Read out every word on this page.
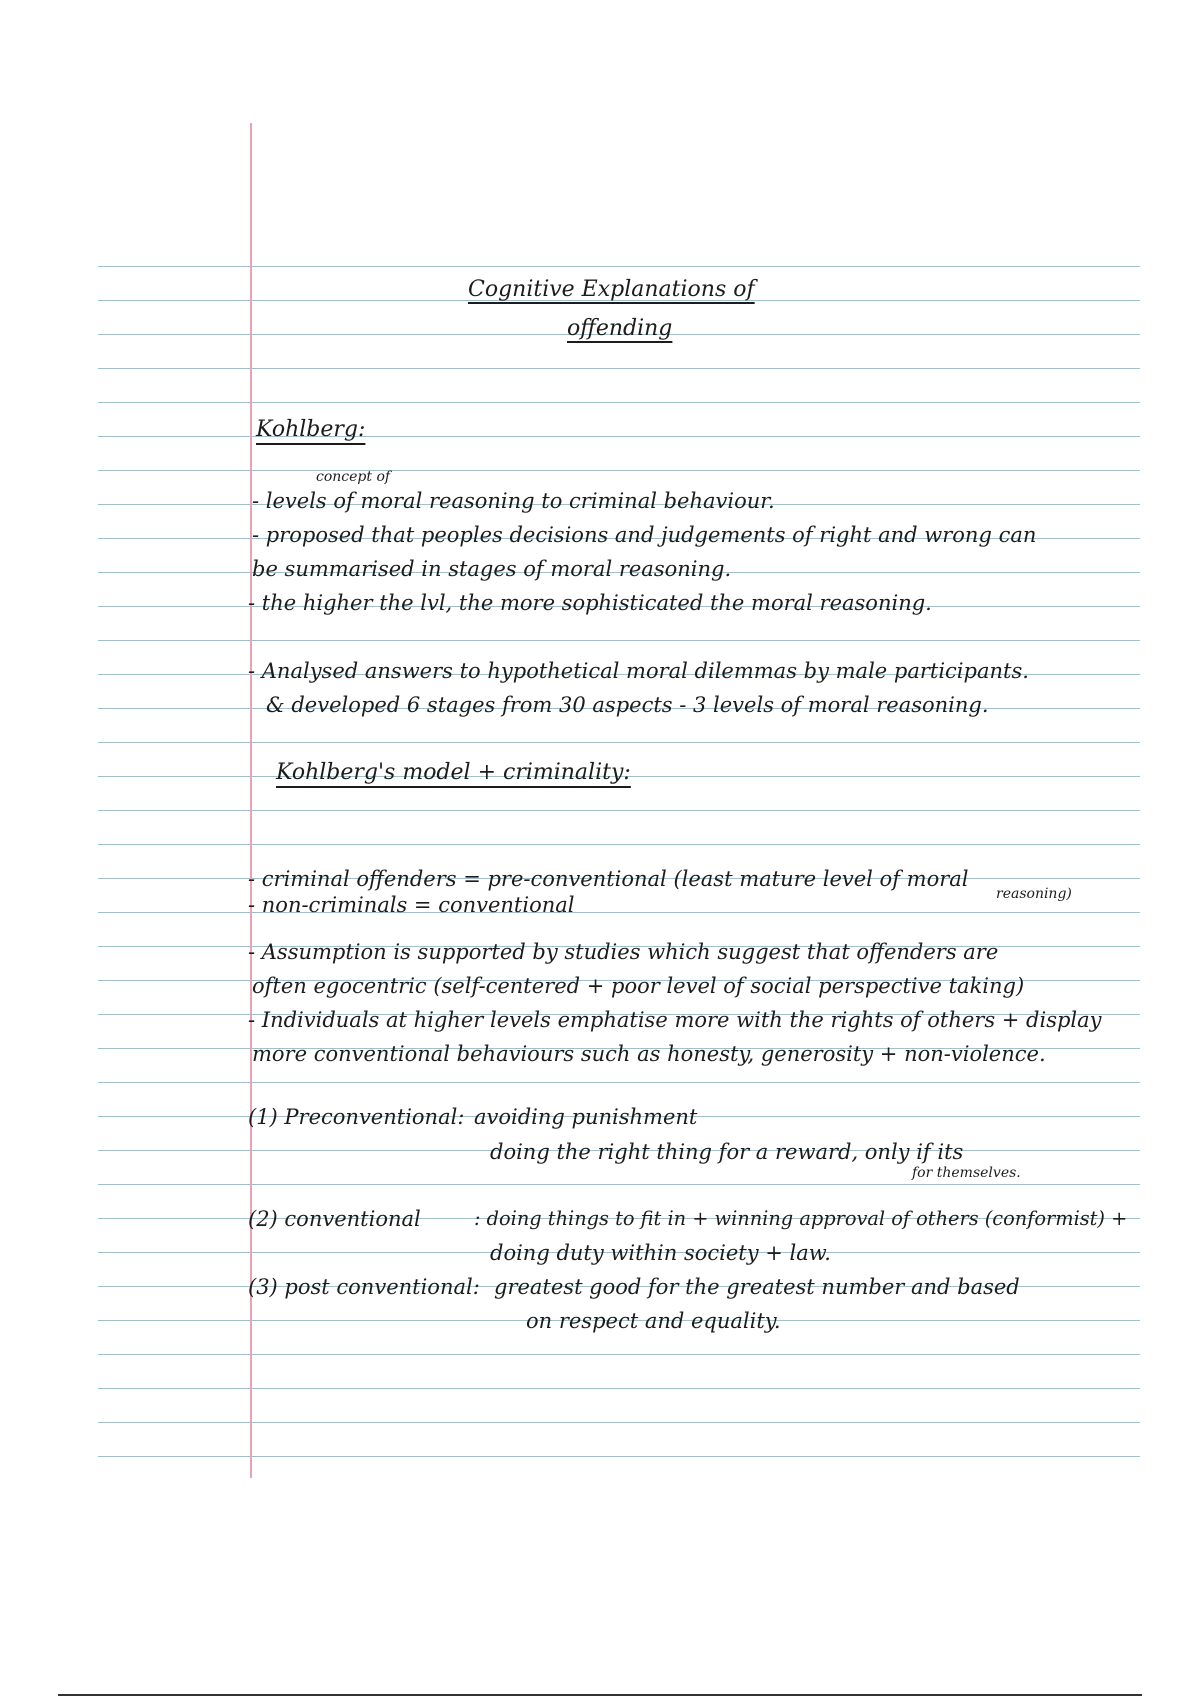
Cognitive Explanations of

offending

Kohlberg:

concept of

- levels of moral reasoning to criminal behaviour.

- proposed that peoples decisions and judgements of right and wrong can

be summarised in stages of moral reasoning.

- the higher the lvl, the more sophisticated the moral reasoning.

- Analysed answers to hypothetical moral dilemmas by male participants.

& developed 6 stages from 30 aspects - 3 levels of moral reasoning.

Kohlberg's model + criminality:

- criminal offenders = pre-conventional (least mature level of moral

reasoning)

- non-criminals = conventional

- Assumption is supported by studies which suggest that offenders are

often egocentric (self-centered + poor level of social perspective taking)

- Individuals at higher levels emphatise more with the rights of others + display

more conventional behaviours such as honesty, generosity + non-violence.

(1) Preconventional: avoiding punishment

doing the right thing for a reward, only if its

for themselves.

(2) conventional	: doing things to fit in + winning approval of others (conformist) +

doing duty within society + law.

(3) post conventional: greatest good for the greatest number and based

on respect and equality.
